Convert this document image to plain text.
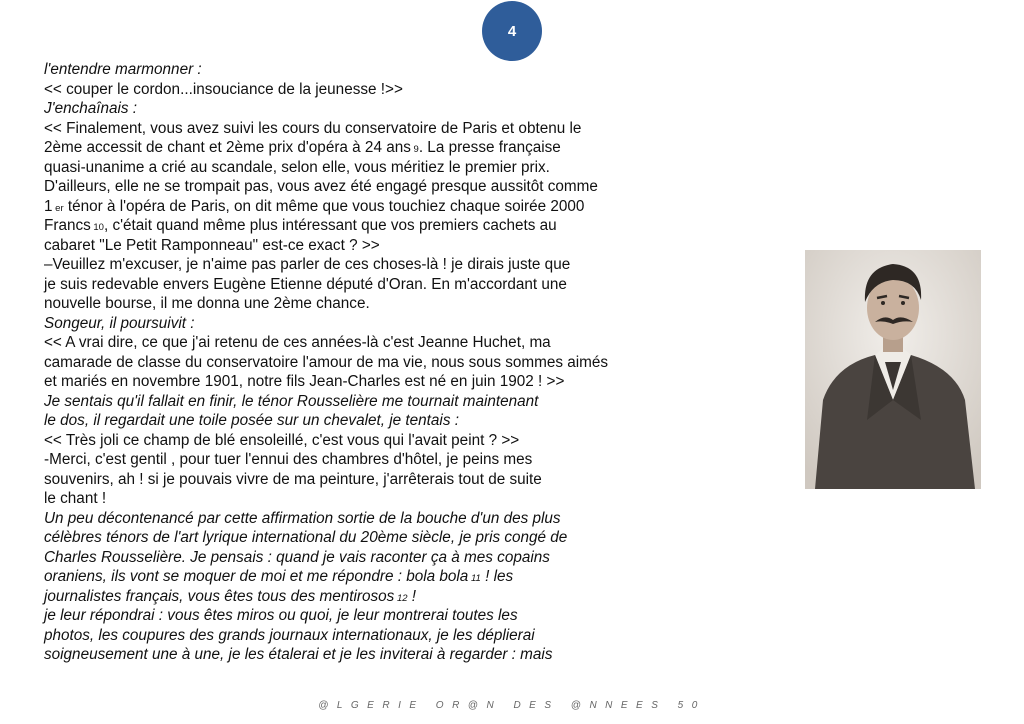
4
l'entendre marmonner :
<< couper le cordon...insouciance de la jeunesse !>>
J'enchaînais :
<< Finalement, vous avez suivi les cours du conservatoire de Paris et obtenu le
2ème accessit de chant et 2ème prix d'opéra à 24 ans 9. La presse française
quasi-unanime a crié au scandale, selon elle, vous méritiez le premier prix.
D'ailleurs, elle ne se trompait pas, vous avez été engagé presque aussitôt comme
1 er ténor à l'opéra de Paris, on dit même que vous touchiez chaque soirée 2000
Francs 10, c'était quand même plus intéressant que vos premiers cachets au
cabaret "Le Petit Ramponneau" est-ce exact ? >>
–Veuillez m'excuser, je n'aime pas parler de ces choses-là ! je dirais juste que
je suis redevable envers Eugène Etienne député d'Oran. En m'accordant une
nouvelle bourse, il me donna une 2ème chance.
Songeur, il poursuivit :
<< A vrai dire, ce que j'ai retenu de ces années-là c'est Jeanne Huchet, ma
camarade de classe du conservatoire l'amour de ma vie, nous sous sommes aimés
et mariés en novembre 1901, notre fils Jean-Charles est né en juin 1902 ! >>
Je sentais qu'il fallait en finir, le ténor Rousselière me tournait maintenant
le dos, il regardait une toile posée sur un chevalet, je tentais :
<< Très joli ce champ de blé ensoleillé, c'est vous qui l'avait peint ? >>
-Merci, c'est gentil , pour tuer l'ennui des chambres d'hôtel, je peins mes
souvenirs, ah ! si je pouvais vivre de ma peinture, j'arrêterais tout de suite
le chant !
Un peu décontenancé par cette affirmation sortie de la bouche d'un des plus
célèbres ténors de l'art lyrique international du 20ème siècle, je pris congé de
Charles Rousselière. Je pensais : quand je vais raconter ça à mes copains
oraniens, ils vont se moquer de moi et me répondre : bola bola 11 ! les
journalistes français, vous êtes tous des mentirosos 12 !
je leur répondrai : vous êtes miros ou quoi, je leur montrerai toutes les
photos, les coupures des grands journaux internationaux, je les déplierai
soigneusement une à une, je les étalerai et je les inviterai à regarder : mais
@LGERIE OR@N DES @NNEES 50
